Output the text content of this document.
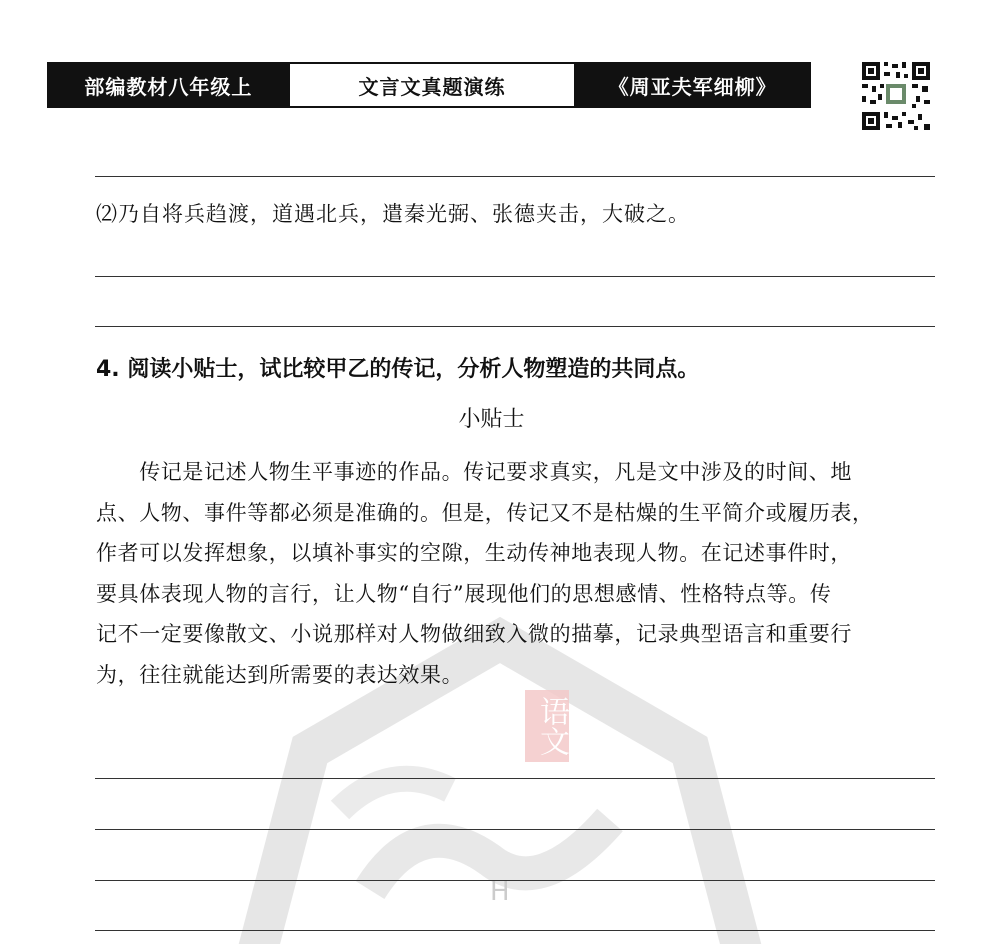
H
语文
部编教材八年级上	文言文真题演练	《周亚夫军细柳》
⑵乃自将兵趋渡，道遇北兵，遣秦光弼、张德夹击，大破之。
4. 阅读小贴士，试比较甲乙的传记，分析人物塑造的共同点。
小贴士
　　传记是记述人物生平事迹的作品。传记要求真实，凡是文中涉及的时间、地
点、人物、事件等都必须是准确的。但是，传记又不是枯燥的生平简介或履历表，
作者可以发挥想象，以填补事实的空隙，生动传神地表现人物。在记述事件时，
要具体表现人物的言行，让人物“自行”展现他们的思想感情、性格特点等。传
记不一定要像散文、小说那样对人物做细致入微的描摹，记录典型语言和重要行
为，往往就能达到所需要的表达效果。
